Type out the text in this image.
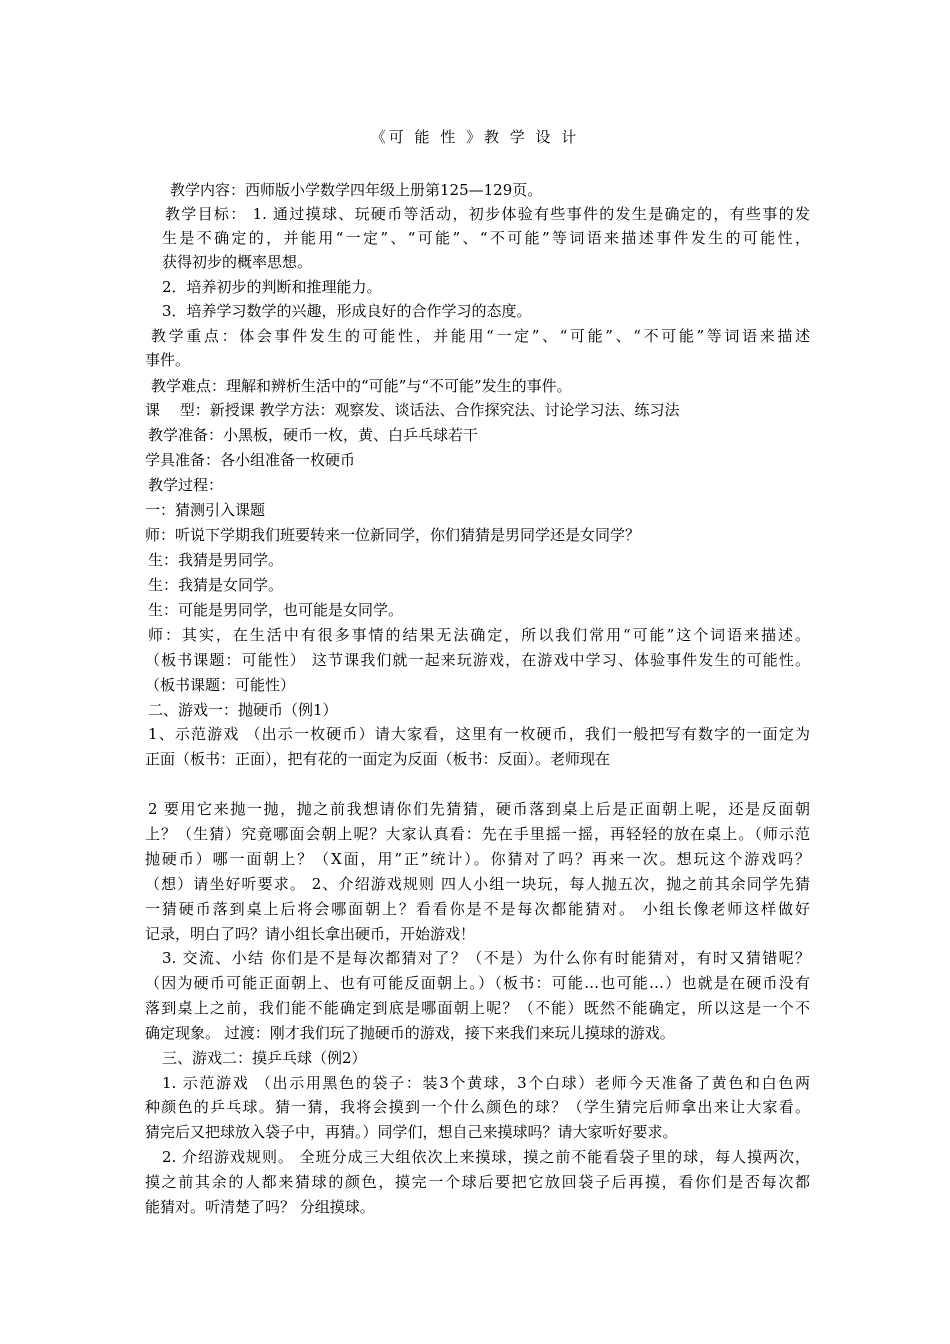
《可 能 性 》教 学 设 计
教学内容：西师版小学数学四年级上册第125—129页。
教学目标： 1. 通过摸球、玩硬币等活动，初步体验有些事件的发生是确定的，有些事的发
生是不确定的，并能用“一定”、“可能”、“不可能”等词语来描述事件发生的可能性，
获得初步的概率思想。
2．培养初步的判断和推理能力。
3．培养学习数学的兴趣，形成良好的合作学习的态度。
教学重点：体会事件发生的可能性，并能用“一定”、“可能”、“不可能”等词语来描述
事件。
教学难点：理解和辨析生活中的“可能”与“不可能”发生的事件。
课　 型：新授课 教学方法：观察发、谈话法、合作探究法、讨论学习法、练习法
教学准备：小黑板，硬币一枚，黄、白乒乓球若干
学具准备：各小组准备一枚硬币
教学过程：
一：猜测引入课题
师：听说下学期我们班要转来一位新同学，你们猜猜是男同学还是女同学？
生：我猜是男同学。
生：我猜是女同学。
生：可能是男同学，也可能是女同学。
师：其实，在生活中有很多事情的结果无法确定，所以我们常用“可能”这个词语来描述。
（板书课题：可能性） 这节课我们就一起来玩游戏，在游戏中学习、体验事件发生的可能性。
（板书课题：可能性）
二、游戏一：抛硬币（例1）
1、示范游戏 （出示一枚硬币）请大家看，这里有一枚硬币，我们一般把写有数字的一面定为
正面（板书：正面），把有花的一面定为反面（板书：反面）。老师现在
2 要用它来抛一抛，抛之前我想请你们先猜猜，硬币落到桌上后是正面朝上呢，还是反面朝
上？（生猜）究竟哪面会朝上呢？大家认真看：先在手里摇一摇，再轻轻的放在桌上。（师示范
抛硬币）哪一面朝上？（X面，用”正”统计）。你猜对了吗？再来一次。想玩这个游戏吗？
（想）请坐好听要求。 2、介绍游戏规则 四人小组一块玩，每人抛五次，抛之前其余同学先猜
一猜硬币落到桌上后将会哪面朝上？看看你是不是每次都能猜对。 小组长像老师这样做好
记录，明白了吗？请小组长拿出硬币，开始游戏！
3. 交流、小结 你们是不是每次都猜对了？（不是）为什么你有时能猜对，有时又猜错呢？
（因为硬币可能正面朝上、也有可能反面朝上。）（板书：可能…也可能…）也就是在硬币没有
落到桌上之前，我们能不能确定到底是哪面朝上呢？（不能）既然不能确定，所以这是一个不
确定现象。 过渡：刚才我们玩了抛硬币的游戏，接下来我们来玩儿摸球的游戏。
三、游戏二：摸乒乓球（例2）
1. 示范游戏 （出示用黑色的袋子：装3个黄球，3个白球）老师今天准备了黄色和白色两
种颜色的乒乓球。猜一猜，我将会摸到一个什么颜色的球？（学生猜完后师拿出来让大家看。
猜完后又把球放入袋子中，再猜。）同学们，想自己来摸球吗？请大家听好要求。
2. 介绍游戏规则。 全班分成三大组依次上来摸球，摸之前不能看袋子里的球，每人摸两次，
摸之前其余的人都来猜球的颜色，摸完一个球后要把它放回袋子后再摸，看你们是否每次都
能猜对。听清楚了吗？ 分组摸球。
